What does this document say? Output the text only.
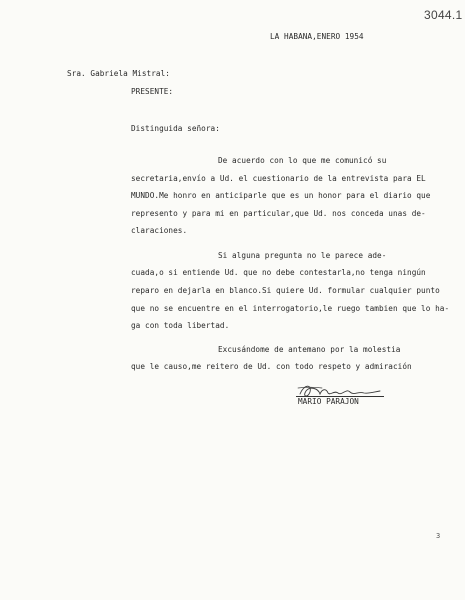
3044.1
LA HABANA,ENERO 1954
Sra. Gabriela Mistral:
PRESENTE:
Distinguida señora:
De acuerdo con lo que me comunicó su
secretaria,envío a Ud. el cuestionario de la entrevista para EL
MUNDO.Me honro en anticiparle que es un honor para el diario que
represento y para mi en particular,que Ud. nos conceda unas de-
claraciones.
Si alguna pregunta no le parece ade-
cuada,o si entiende Ud. que no debe contestarla,no tenga ningún
reparo en dejarla en blanco.Si quiere Ud. formular cualquier punto
que no se encuentre en el interrogatorio,le ruego tambien que lo ha-
ga con toda libertad.
Excusándome de antemano por la molestia
que le causo,me reitero de Ud. con todo respeto y admiración
MARIO PARAJON
3
